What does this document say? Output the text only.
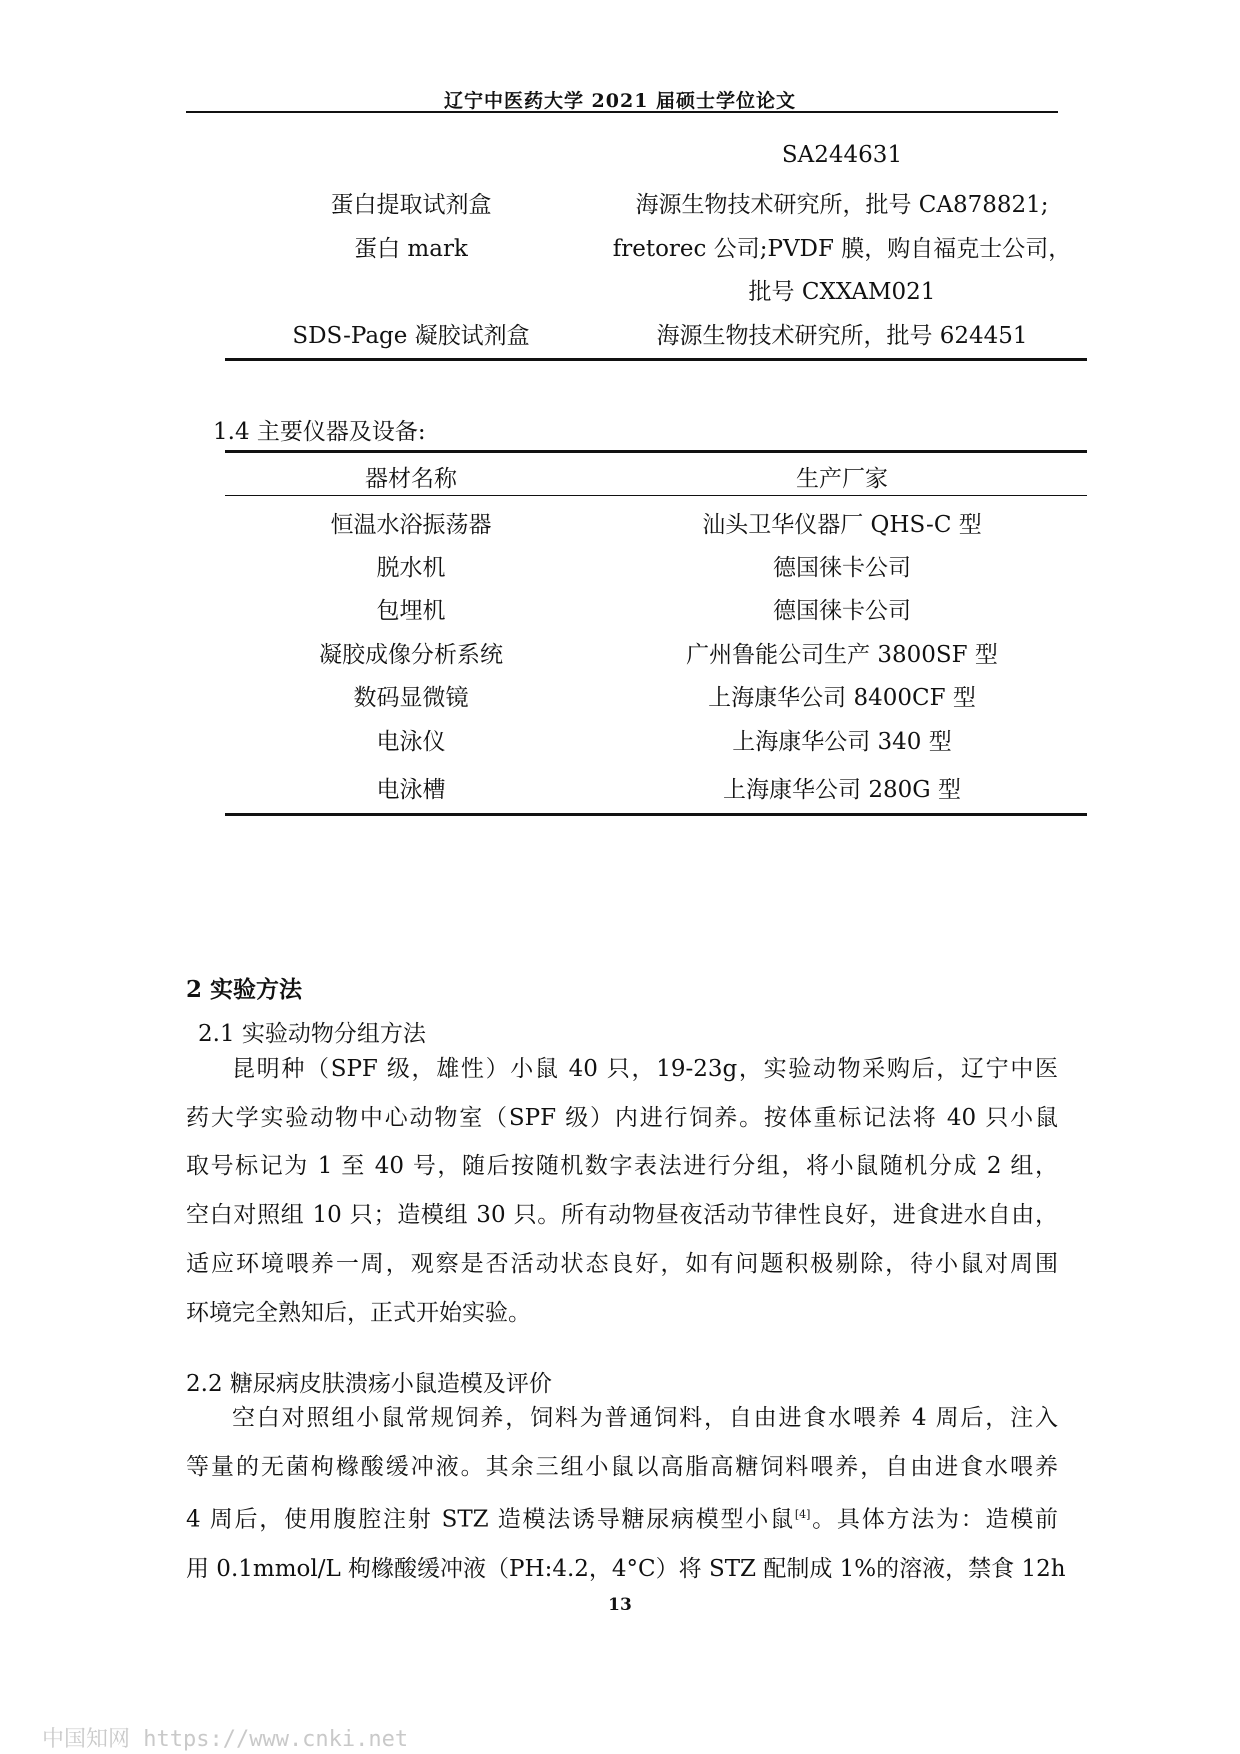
辽宁中医药大学 2021 届硕士学位论文
SA244631
蛋白提取试剂盒	海源生物技术研究所，批号 CA878821;
蛋白 mark	fretorec 公司;PVDF 膜，购自福克士公司，
批号 CXXAM021
SDS-Page 凝胶试剂盒	海源生物技术研究所，批号 624451
1.4 主要仪器及设备:
器材名称	生产厂家
恒温水浴振荡器	汕头卫华仪器厂 QHS-C 型
脱水机	德国徕卡公司
包埋机	德国徕卡公司
凝胶成像分析系统	广州鲁能公司生产 3800SF 型
数码显微镜	上海康华公司 8400CF 型
电泳仪	上海康华公司 340 型
电泳槽	上海康华公司 280G 型
2 实验方法
2.1 实验动物分组方法
昆明种（SPF 级，雄性）小鼠 40 只，19-23g，实验动物采购后，辽宁中医
药大学实验动物中心动物室（SPF 级）内进行饲养。按体重标记法将 40 只小鼠
取号标记为 1 至 40 号，随后按随机数字表法进行分组，将小鼠随机分成 2 组，
空白对照组 10 只；造模组 30 只。所有动物昼夜活动节律性良好，进食进水自由，
适应环境喂养一周，观察是否活动状态良好，如有问题积极剔除，待小鼠对周围
环境完全熟知后，正式开始实验。
2.2 糖尿病皮肤溃疡小鼠造模及评价
空白对照组小鼠常规饲养，饲料为普通饲料，自由进食水喂养 4 周后，注入
等量的无菌枸橼酸缓冲液。其余三组小鼠以高脂高糖饲料喂养，自由进食水喂养
4 周后，使用腹腔注射 STZ 造模法诱导糖尿病模型小鼠[4]。具体方法为：造模前
用 0.1mmol/L 枸橼酸缓冲液（PH:4.2，4°C）将 STZ 配制成 1%的溶液，禁食 12h
13
中国知网 https://www.cnki.net
